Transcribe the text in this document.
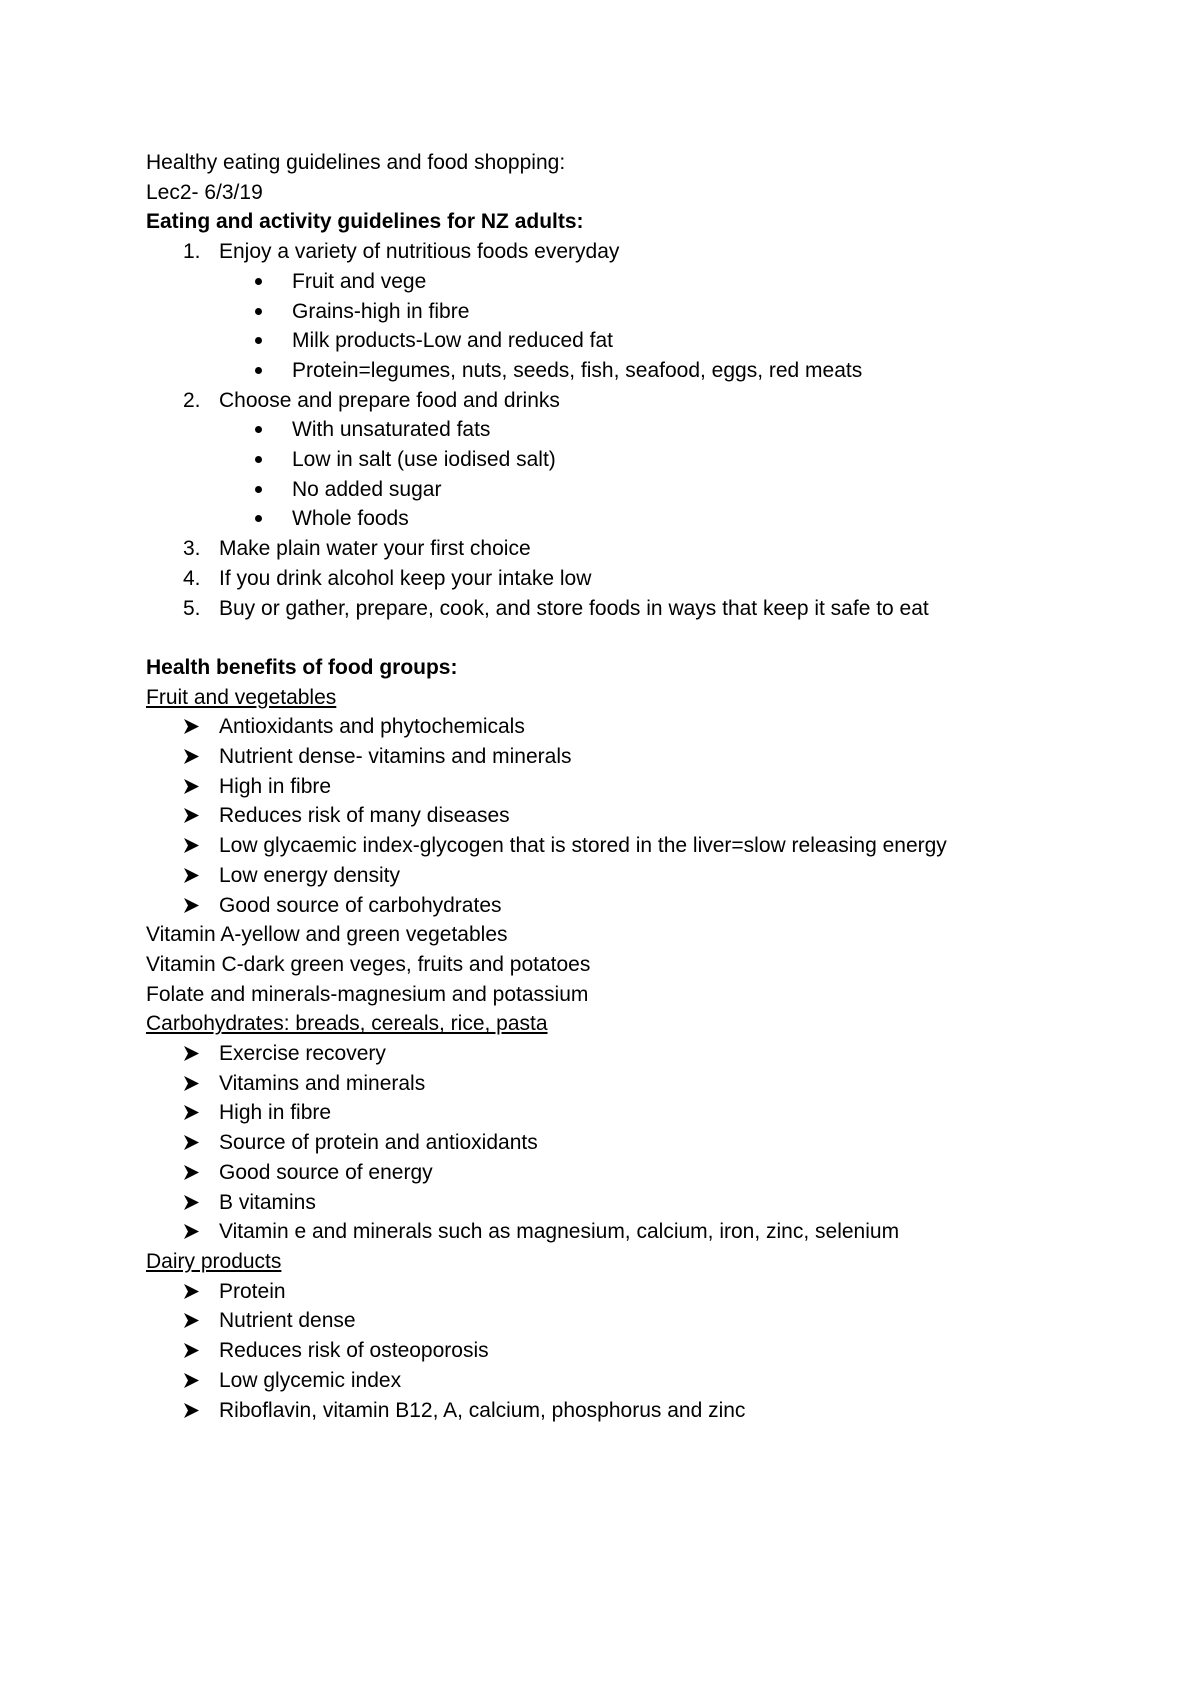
Healthy eating guidelines and food shopping:

Lec2- 6/3/19

Eating and activity guidelines for NZ adults:

1. Enjoy a variety of nutritious foods everyday
Fruit and vege
Grains-high in fibre
Milk products-Low and reduced fat
Protein=legumes, nuts, seeds, fish, seafood, eggs, red meats
2. Choose and prepare food and drinks
With unsaturated fats
Low in salt (use iodised salt)
No added sugar
Whole foods
3. Make plain water your first choice
4. If you drink alcohol keep your intake low
5. Buy or gather, prepare, cook, and store foods in ways that keep it safe to eat

Health benefits of food groups:

Fruit and vegetables

Antioxidants and phytochemicals
Nutrient dense- vitamins and minerals
High in fibre
Reduces risk of many diseases
Low glycaemic index-glycogen that is stored in the liver=slow releasing energy
Low energy density
Good source of carbohydrates

Vitamin A-yellow and green vegetables

Vitamin C-dark green veges, fruits and potatoes

Folate and minerals-magnesium and potassium

Carbohydrates: breads, cereals, rice, pasta

Exercise recovery
Vitamins and minerals
High in fibre
Source of protein and antioxidants
Good source of energy
B vitamins
Vitamin e and minerals such as magnesium, calcium, iron, zinc, selenium

Dairy products

Protein
Nutrient dense
Reduces risk of osteoporosis
Low glycemic index
Riboflavin, vitamin B12, A, calcium, phosphorus and zinc
